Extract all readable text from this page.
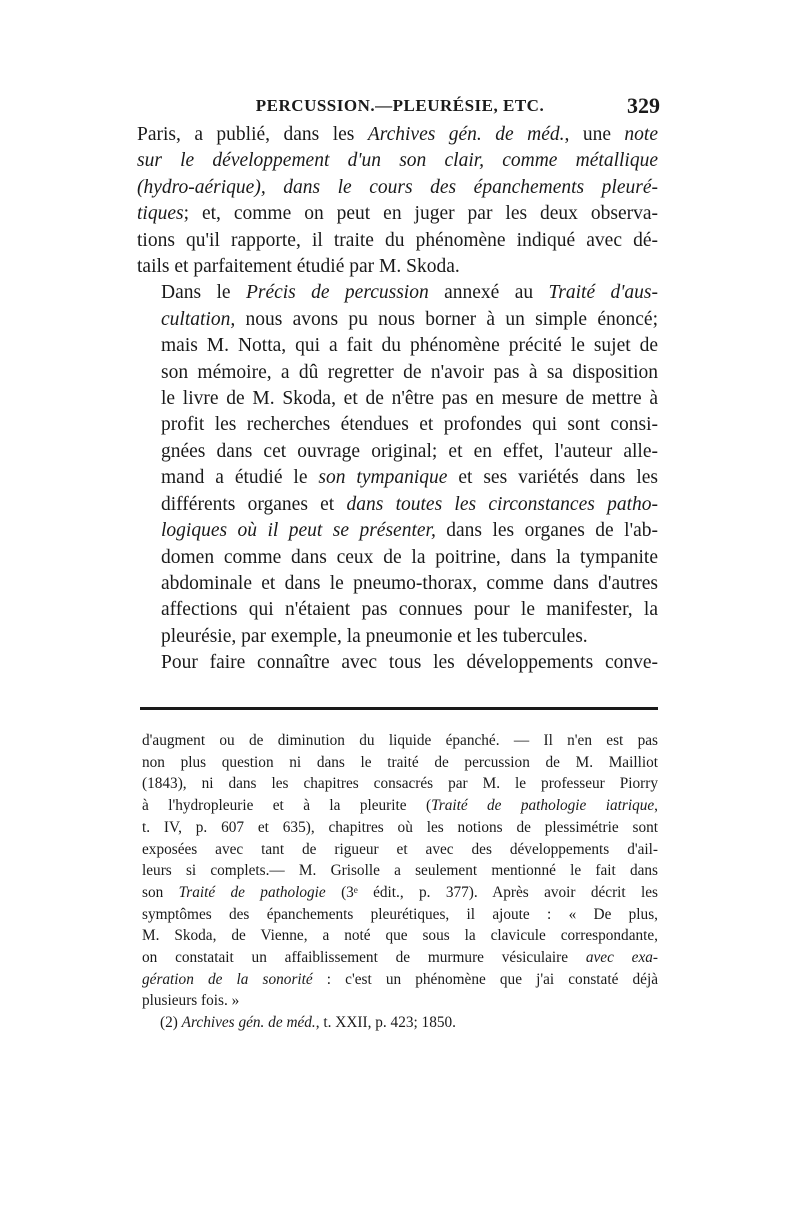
PERCUSSION.—PLEURÉSIE, ETC.	329

Paris, a publié, dans les Archives gén. de méd., une note
sur le développement d'un son clair, comme métallique
(hydro-aérique), dans le cours des épanchements pleuré-
tiques; et, comme on peut en juger par les deux observa-
tions qu'il rapporte, il traite du phénomène indiqué avec dé-
tails et parfaitement étudié par M. Skoda.

Dans le Précis de percussion annexé au Traité d'aus-
cultation, nous avons pu nous borner à un simple énoncé;
mais M. Notta, qui a fait du phénomène précité le sujet de
son mémoire, a dû regretter de n'avoir pas à sa disposition
le livre de M. Skoda, et de n'être pas en mesure de mettre à
profit les recherches étendues et profondes qui sont consi-
gnées dans cet ouvrage original; et en effet, l'auteur alle-
mand a étudié le son tympanique et ses variétés dans les
différents organes et dans toutes les circonstances patho-
logiques où il peut se présenter, dans les organes de l'ab-
domen comme dans ceux de la poitrine, dans la tympanite
abdominale et dans le pneumo-thorax, comme dans d'autres
affections qui n'étaient pas connues pour le manifester, la
pleurésie, par exemple, la pneumonie et les tubercules.

Pour faire connaître avec tous les développements conve-

d'augment ou de diminution du liquide épanché. — Il n'en est pas
non plus question ni dans le traité de percussion de M. Mailliot
(1843), ni dans les chapitres consacrés par M. le professeur Piorry
à l'hydropleurie et à la pleurite (Traité de pathologie iatrique,
t. IV, p. 607 et 635), chapitres où les notions de plessimétrie sont
exposées avec tant de rigueur et avec des développements d'ail-
leurs si complets.— M. Grisolle a seulement mentionné le fait dans
son Traité de pathologie (3ᵉ édit., p. 377). Après avoir décrit les
symptômes des épanchements pleurétiques, il ajoute : « De plus,
M. Skoda, de Vienne, a noté que sous la clavicule correspondante,
on constatait un affaiblissement de murmure vésiculaire avec exa-
gération de la sonorité : c'est un phénomène que j'ai constaté déjà
plusieurs fois. »

(2) Archives gén. de méd., t. XXII, p. 423; 1850.
